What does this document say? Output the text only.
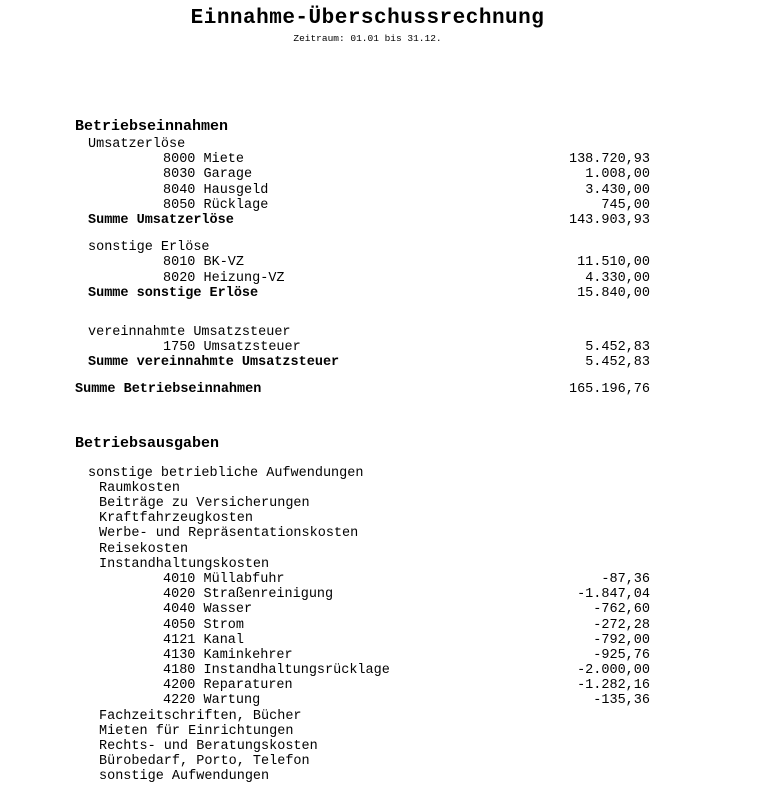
Einnahme-Überschussrechnung
Zeitraum: 01.01 bis 31.12.
Betriebseinnahmen
Umsatzerlöse
8000 Miete	138.720,93
8030 Garage	1.008,00
8040 Hausgeld	3.430,00
8050 Rücklage	745,00
Summe Umsatzerlöse	143.903,93
sonstige Erlöse
8010 BK-VZ	11.510,00
8020 Heizung-VZ	4.330,00
Summe sonstige Erlöse	15.840,00
vereinnahmte Umsatzsteuer
1750 Umsatzsteuer	5.452,83
Summe vereinnahmte Umsatzsteuer	5.452,83
Summe Betriebseinnahmen	165.196,76
Betriebsausgaben
sonstige betriebliche Aufwendungen
Raumkosten
Beiträge zu Versicherungen
Kraftfahrzeugkosten
Werbe- und Repräsentationskosten
Reisekosten
Instandhaltungskosten
4010 Müllabfuhr	-87,36
4020 Straßenreinigung	-1.847,04
4040 Wasser	-762,60
4050 Strom	-272,28
4121 Kanal	-792,00
4130 Kaminkehrer	-925,76
4180 Instandhaltungsrücklage	-2.000,00
4200 Reparaturen	-1.282,16
4220 Wartung	-135,36
Fachzeitschriften, Bücher
Mieten für Einrichtungen
Rechts- und Beratungskosten
Bürobedarf, Porto, Telefon
sonstige Aufwendungen
